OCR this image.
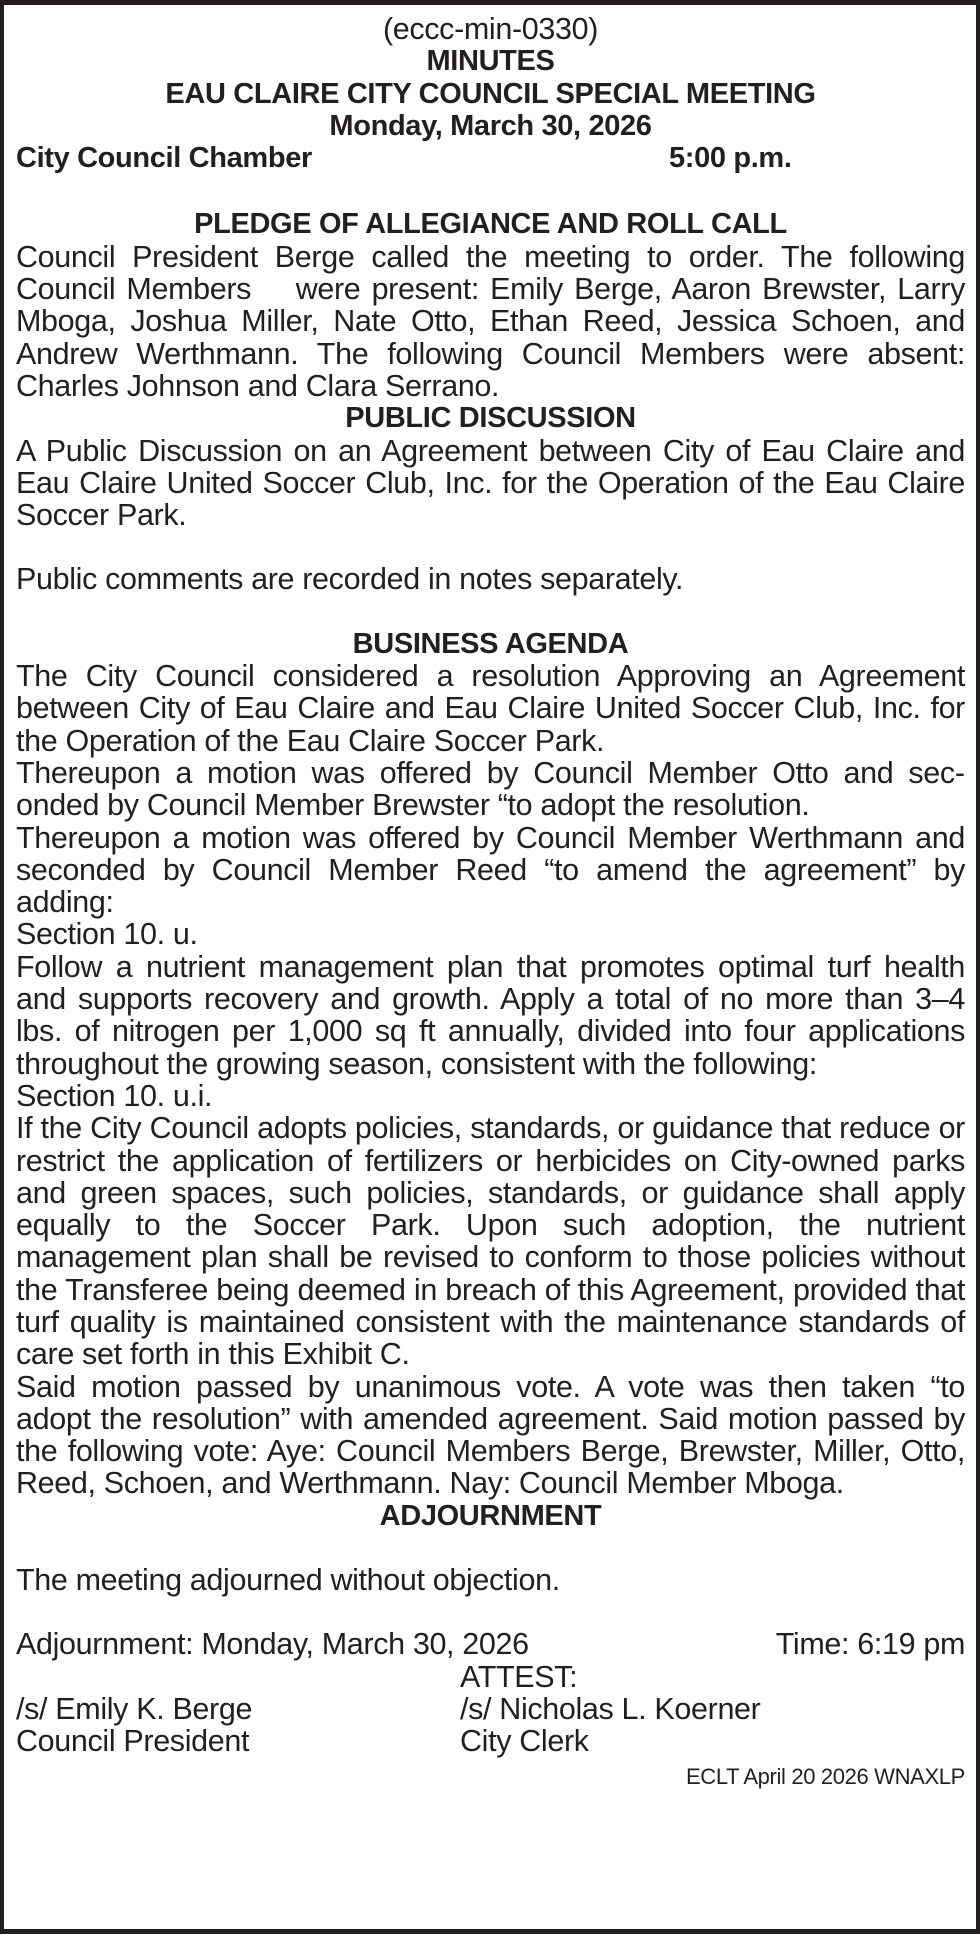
(eccc-min-0330)
MINUTES
EAU CLAIRE CITY COUNCIL SPECIAL MEETING
Monday, March 30, 2026
City Council Chamber	5:00 p.m.
PLEDGE OF ALLEGIANCE AND ROLL CALL
Council President Berge called the meeting to order. The following Council Members    were present: Emily Berge, Aaron Brewster, Larry Mboga, Joshua Miller, Nate Otto, Ethan Reed, Jessica Schoen, and Andrew Werthmann. The following Council Members were absent: Charles Johnson and Clara Serrano.
PUBLIC DISCUSSION
A Public Discussion on an Agreement between City of Eau Claire and Eau Claire United Soccer Club, Inc. for the Operation of the Eau Claire Soccer Park.
Public comments are recorded in notes separately.
BUSINESS AGENDA
The City Council considered a resolution Approving an Agreement between City of Eau Claire and Eau Claire United Soccer Club, Inc. for the Operation of the Eau Claire Soccer Park.
Thereupon a motion was offered by Council Member Otto and seconded by Council Member Brewster “to adopt the resolution.
Thereupon a motion was offered by Council Member Werthmann and seconded by Council Member Reed “to amend the agreement” by adding:
Section 10. u.
Follow a nutrient management plan that promotes optimal turf health and supports recovery and growth. Apply a total of no more than 3–4 lbs. of nitrogen per 1,000 sq ft annually, divided into four applications throughout the growing season, consistent with the following:
Section 10. u.i.
If the City Council adopts policies, standards, or guidance that reduce or restrict the application of fertilizers or herbicides on City-owned parks and green spaces, such policies, standards, or guidance shall apply equally to the Soccer Park. Upon such adoption, the nutrient management plan shall be revised to conform to those policies without the Transferee being deemed in breach of this Agreement, provided that turf quality is maintained consistent with the maintenance standards of care set forth in this Exhibit C.
Said motion passed by unanimous vote. A vote was then taken “to adopt the resolution” with amended agreement. Said motion passed by the following vote: Aye: Council Members Berge, Brewster, Miller, Otto, Reed, Schoen, and Werthmann. Nay: Council Member Mboga.
ADJOURNMENT
The meeting adjourned without objection.
Adjournment: Monday, March 30, 2026	Time: 6:19 pm
ATTEST:
/s/ Emily K. Berge	/s/ Nicholas L. Koerner
Council President	City Clerk
ECLT April 20 2026 WNAXLP
